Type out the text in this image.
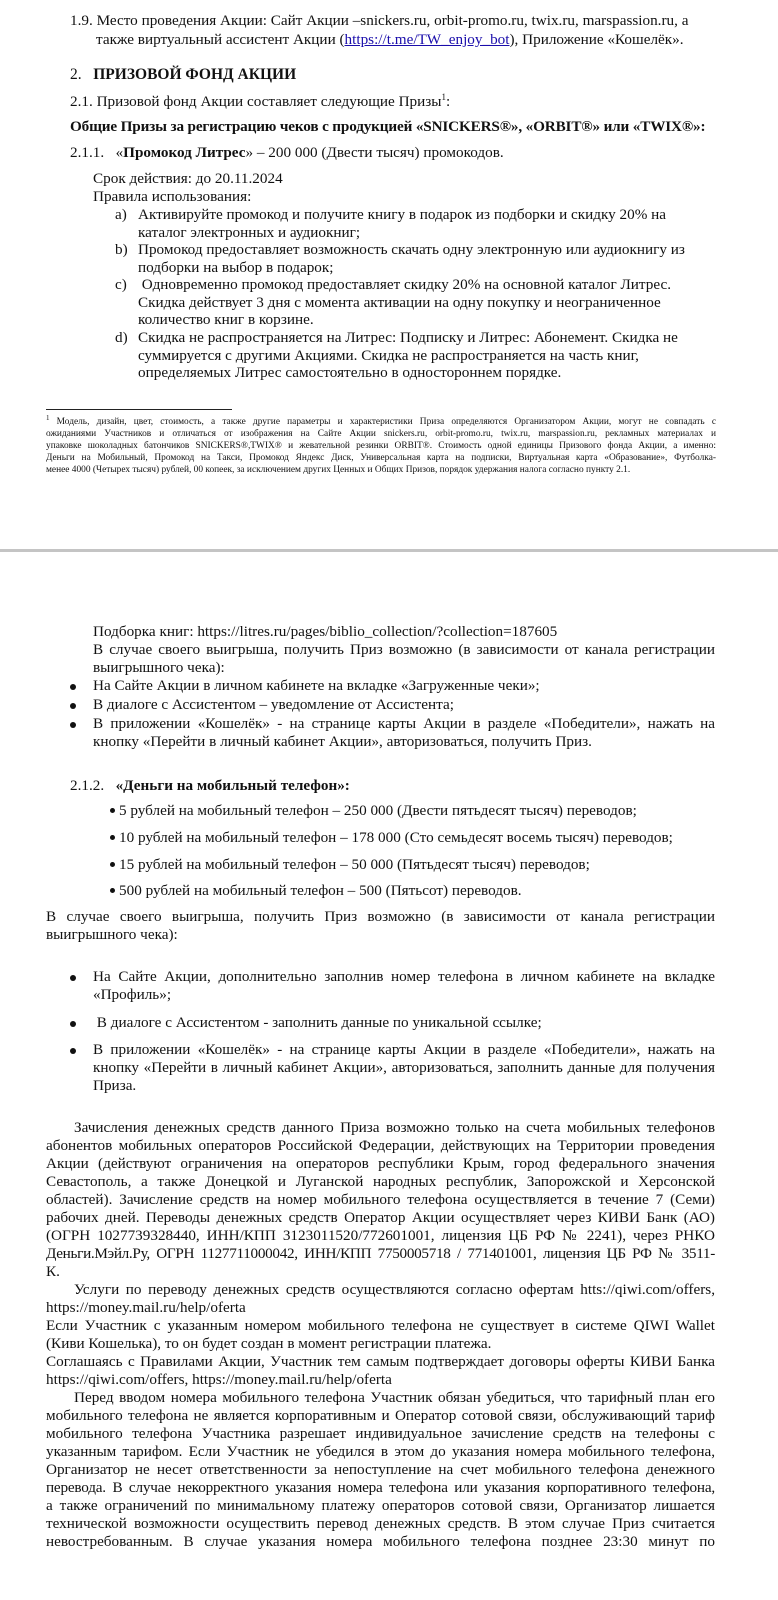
1.9. Место проведения Акции: Сайт Акции –snickers.ru, orbit-promo.ru, twix.ru, marspassion.ru, а
также виртуальный ассистент Акции (https://t.me/TW_enjoy_bot), Приложение «Кошелёк».
2. ПРИЗОВОЙ ФОНД АКЦИИ
2.1. Призовой фонд Акции составляет следующие Призы$^1$:
Общие Призы за регистрацию чеков с продукцией «SNICKERS®», «ORBIT®» или «TWIX®»:
2.1.1. «Промокод Литрес» – 200 000 (Двести тысяч) промокодов.
Срок действия: до 20.11.2024
Правила использования:
a) Активируйте промокод и получите книгу в подарок из подборки и скидку 20% на
каталог электронных и аудиокниг;
b) Промокод предоставляет возможность скачать одну электронную или аудиокнигу из
подборки на выбор в подарок;
c) Одновременно промокод предоставляет скидку 20% на основной каталог Литрес.
Скидка действует 3 дня с момента активации на одну покупку и неограниченное
количество книг в корзине.
d) Скидка не распространяется на Литрес: Подписку и Литрес: Абонемент. Скидка не
суммируется с другими Акциями. Скидка не распространяется на часть книг,
определяемых Литрес самостоятельно в одностороннем порядке.
$^1$ Модель, дизайн, цвет, стоимость, а также другие параметры и характеристики Приза определяются Организатором Акции, могут не совпадать с
ожиданиями Участников и отличаться от изображения на Сайте Акции snickers.ru, orbit-promo.ru, twix.ru, marspassion.ru, рекламных материалах и
упаковке шоколадных батончиков SNICKERS®,TWIX® и жевательной резинки ORBIT®. Стоимость одной единицы Призового фонда Акции, а именно:
Деньги на Мобильный, Промокод на Такси, Промокод Яндекс Диск, Универсальная карта на подписки, Виртуальная карта «Образование», Футболка-
менее 4000 (Четырех тысяч) рублей, 00 копеек, за исключением других Ценных и Общих Призов, порядок удержания налога согласно пункту 2.1.
Подборка книг: https://litres.ru/pages/biblio_collection/?collection=187605
В случае своего выигрыша, получить Приз возможно (в зависимости от канала регистрации
выигрышного чека):
На Сайте Акции в личном кабинете на вкладке «Загруженные чеки»;
В диалоге с Ассистентом – уведомление от Ассистента;
В приложении «Кошелёк» - на странице карты Акции в разделе «Победители», нажать на
кнопку «Перейти в личный кабинет Акции», авторизоваться, получить Приз.
2.1.2. «Деньги на мобильный телефон»:
5 рублей на мобильный телефон – 250 000 (Двести пятьдесят тысяч) переводов;
10 рублей на мобильный телефон – 178 000 (Сто семьдесят восемь тысяч) переводов;
15 рублей на мобильный телефон – 50 000 (Пятьдесят тысяч) переводов;
500 рублей на мобильный телефон – 500 (Пятьсот) переводов.
В случае своего выигрыша, получить Приз возможно (в зависимости от канала регистрации
выигрышного чека):
На Сайте Акции, дополнительно заполнив номер телефона в личном кабинете на вкладке
«Профиль»;
В диалоге с Ассистентом - заполнить данные по уникальной ссылке;
В приложении «Кошелёк» - на странице карты Акции в разделе «Победители», нажать на
кнопку «Перейти в личный кабинет Акции», авторизоваться, заполнить данные для получения
Приза.
Зачисления денежных средств данного Приза возможно только на счета мобильных телефонов
абонентов мобильных операторов Российской Федерации, действующих на Территории проведения
Акции (действуют ограничения на операторов республики Крым, город федерального значения
Севастополь, а также Донецкой и Луганской народных республик, Запорожской и Херсонской
областей). Зачисление средств на номер мобильного телефона осуществляется в течение 7 (Семи)
рабочих дней. Переводы денежных средств Оператор Акции осуществляет через КИВИ Банк (АО)
(ОГРН 1027739328440, ИНН/КПП 3123011520/772601001, лицензия ЦБ РФ № 2241), через РНКО
Деньги.Мэйл.Ру, ОГРН 1127711000042, ИНН/КПП 7750005718 / 771401001, лицензия ЦБ РФ № 3511-
К.
Услуги по переводу денежных средств осуществляются согласно офертам htts://qiwi.com/offers,
https://money.mail.ru/help/oferta
Если Участник с указанным номером мобильного телефона не существует в системе QIWI Wallet
(Киви Кошелька), то он будет создан в момент регистрации платежа.
Соглашаясь с Правилами Акции, Участник тем самым подтверждает договоры оферты КИВИ Банка
https://qiwi.com/offers, https://money.mail.ru/help/oferta
Перед вводом номера мобильного телефона Участник обязан убедиться, что тарифный план его
мобильного телефона не является корпоративным и Оператор сотовой связи, обслуживающий тариф
мобильного телефона Участника разрешает индивидуальное зачисление средств на телефоны с
указанным тарифом. Если Участник не убедился в этом до указания номера мобильного телефона,
Организатор не несет ответственности за непоступление на счет мобильного телефона денежного
перевода. В случае некорректного указания номера телефона или указания корпоративного телефона,
а также ограничений по минимальному платежу операторов сотовой связи, Организатор лишается
технической возможности осуществить перевод денежных средств. В этом случае Приз считается
невостребованным. В случае указания номера мобильного телефона позднее 23:30 минут по
